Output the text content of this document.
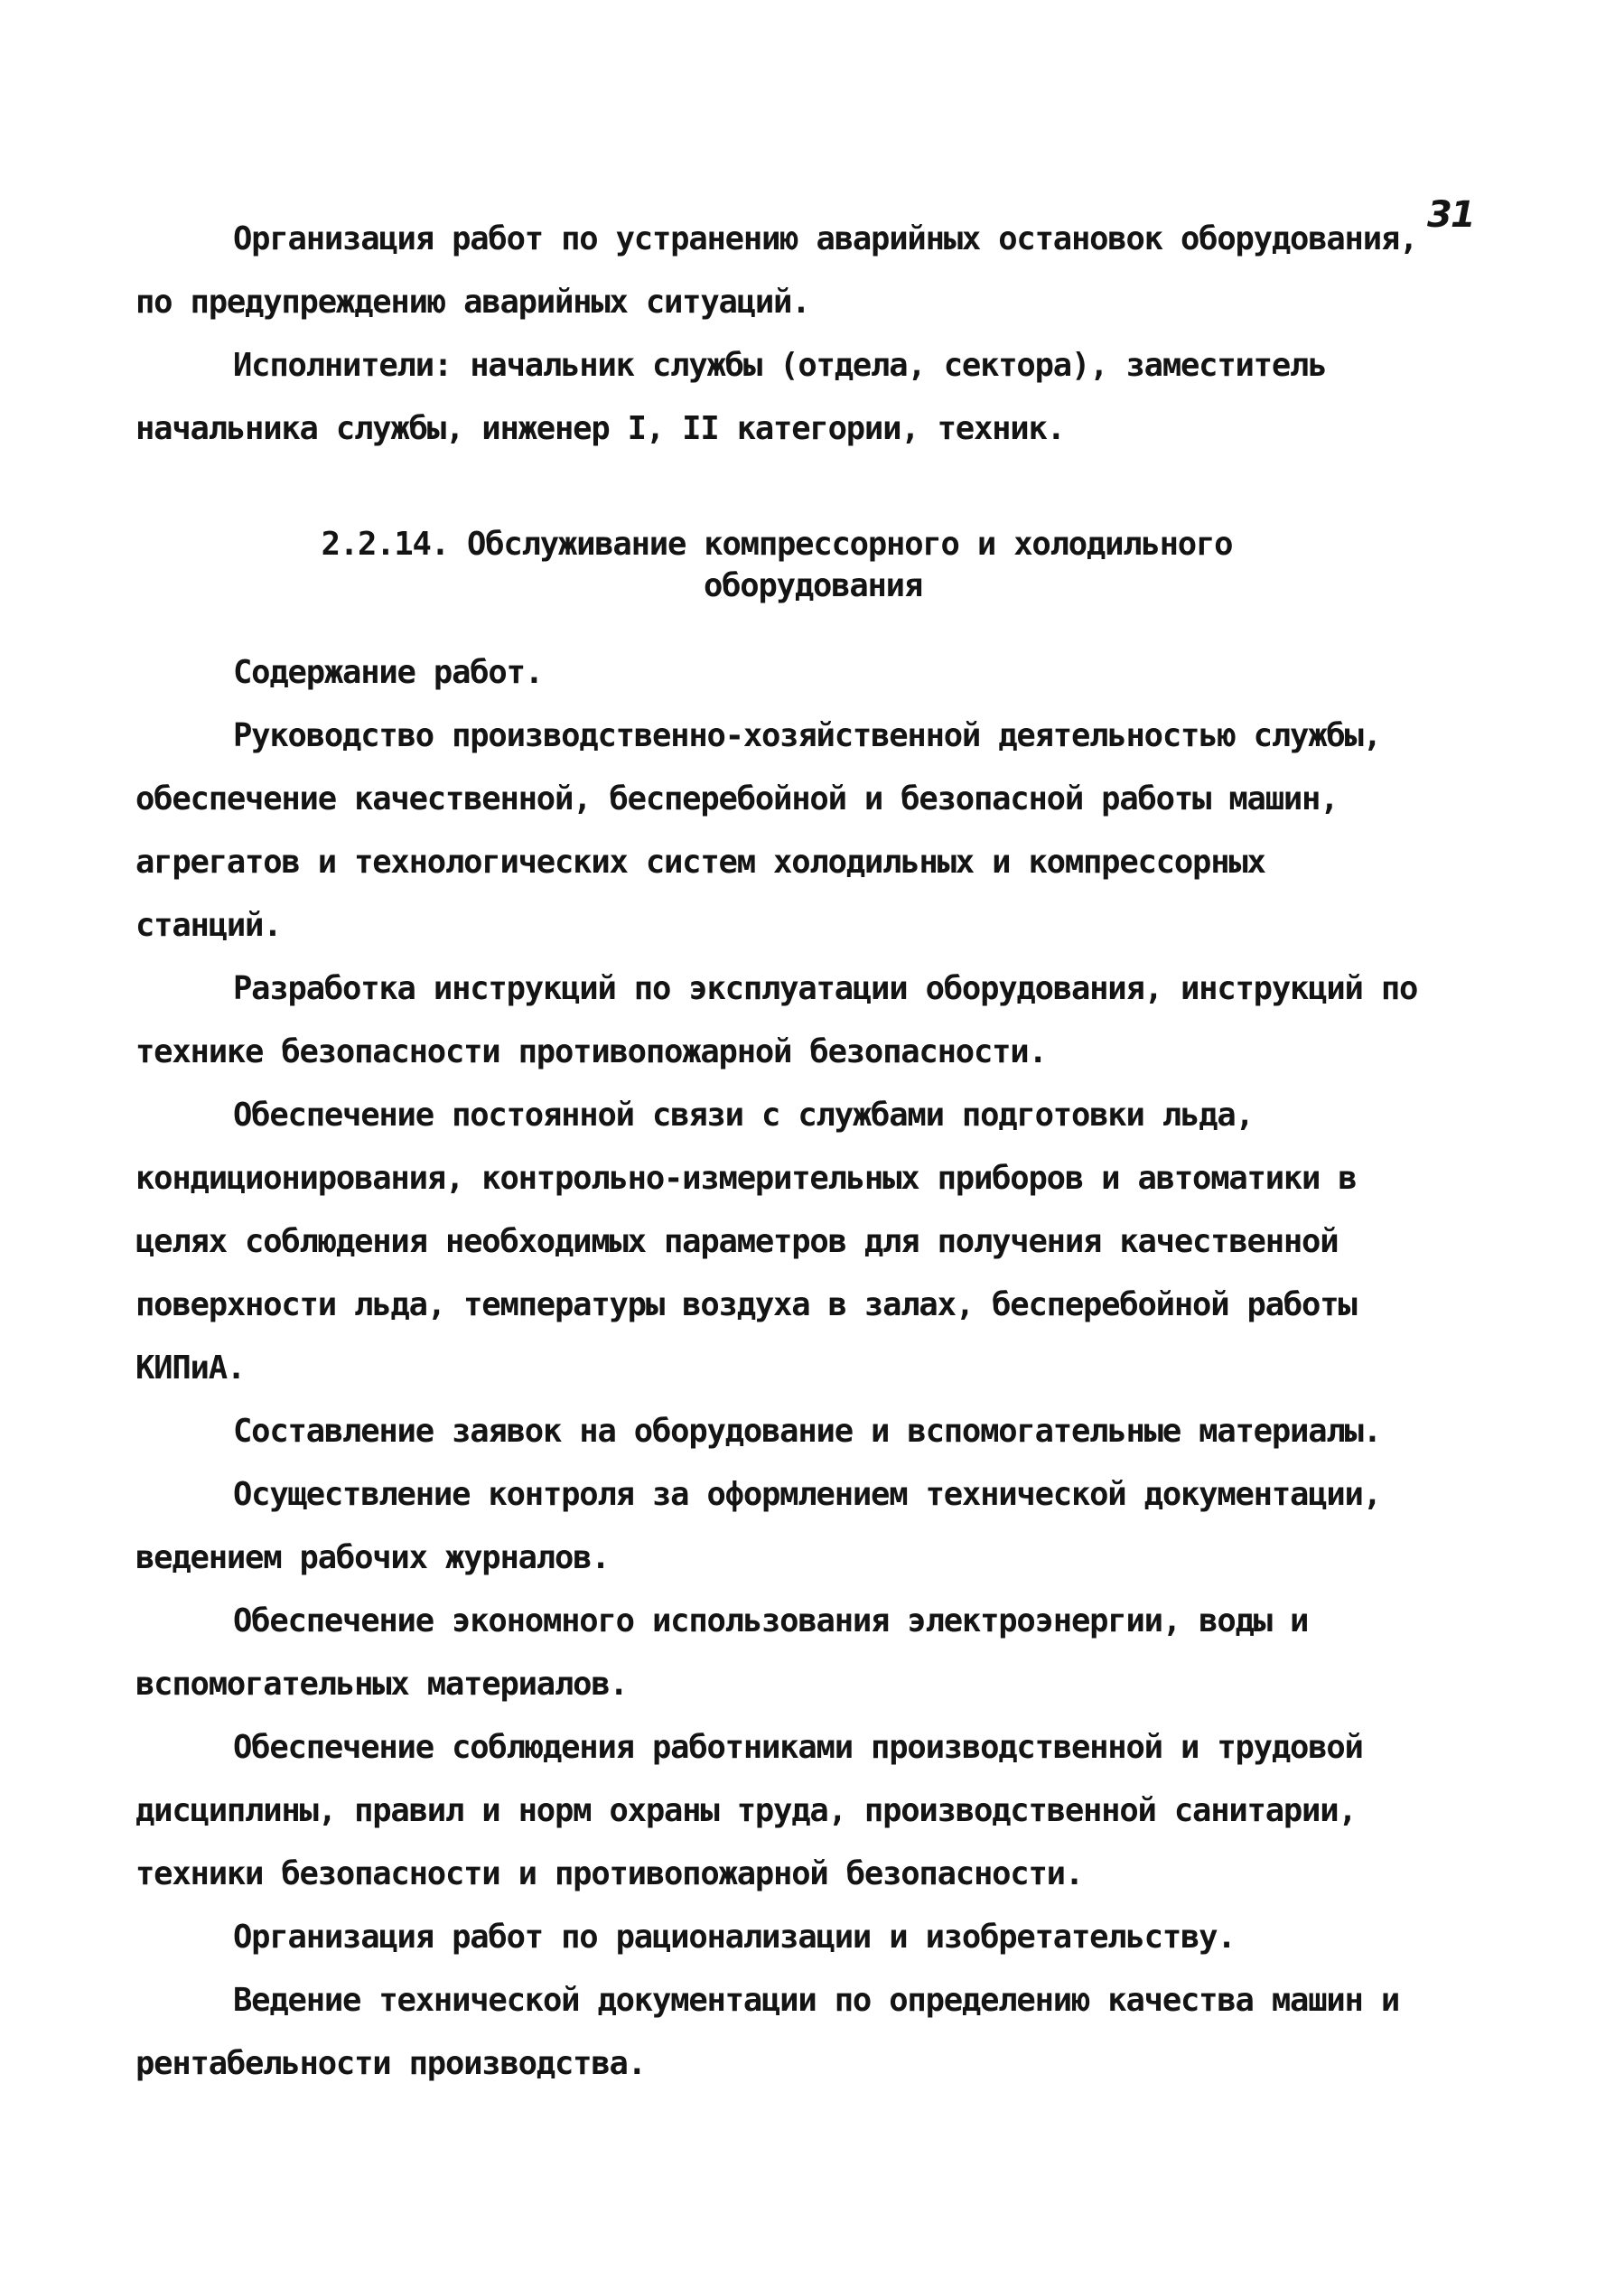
31

Организация работ по устранению аварийных остановок оборудования, по предупреждению аварийных ситуаций.

Исполнители: начальник службы (отдела, сектора), заместитель начальника службы, инженер I, II категории, техник.

2.2.14. Обслуживание компрессорного и холодильного
оборудования

Содержание работ.

Руководство производственно-хозяйственной деятельностью службы, обеспечение качественной, бесперебойной и безопасной работы машин, агрегатов и технологических систем холодильных и компрессорных станций.

Разработка инструкций по эксплуатации оборудования, инструкций по технике безопасности противопожарной безопасности.

Обеспечение постоянной связи с службами подготовки льда, кондиционирования, контрольно-измерительных приборов и автоматики в целях соблюдения необходимых параметров для получения качественной поверхности льда, температуры воздуха в залах, бесперебойной работы КИПиА.

Составление заявок на оборудование и вспомогательные материалы.

Осуществление контроля за оформлением технической документации, ведением рабочих журналов.

Обеспечение экономного использования электроэнергии, воды и вспомогательных материалов.

Обеспечение соблюдения работниками производственной и трудовой дисциплины, правил и норм охраны труда, производственной санитарии, техники безопасности и противопожарной безопасности.

Организация работ по рационализации и изобретательству.

Ведение технической документации по определению качества машин и рентабельности производства.
